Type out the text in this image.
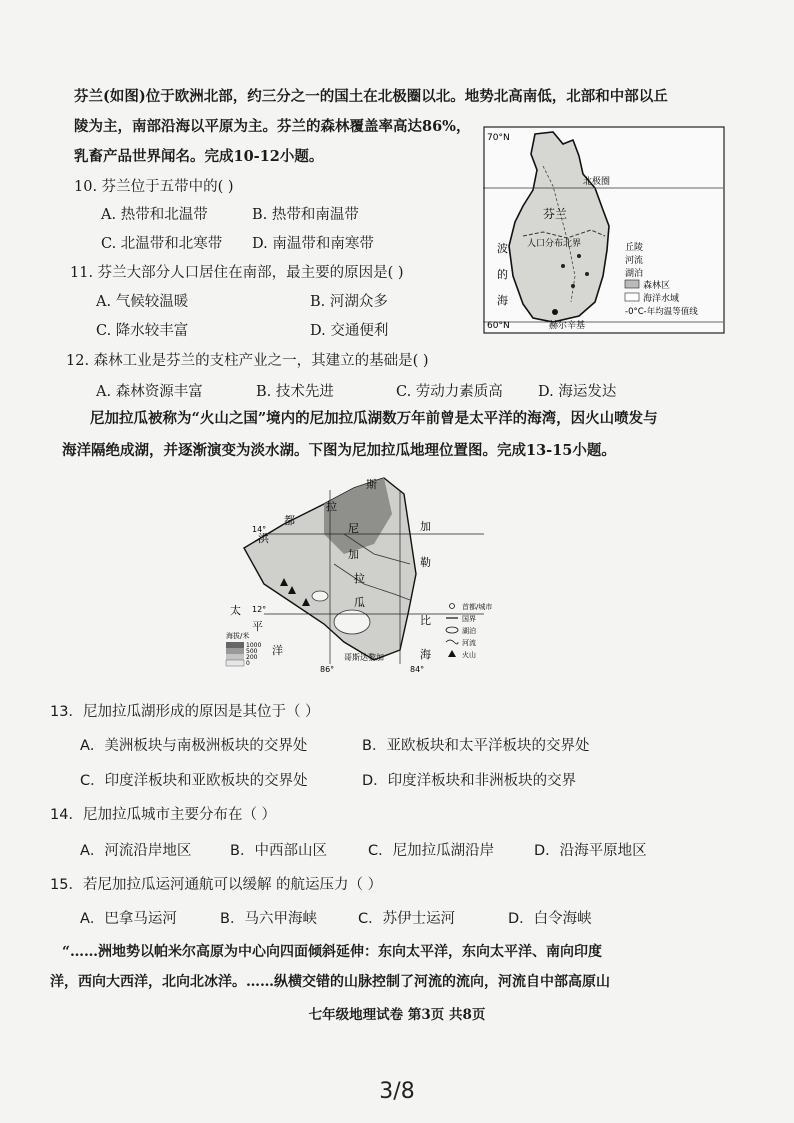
芬兰(如图)位于欧洲北部，约三分之一的国土在北极圈以北。地势北高南低，北部和中部以丘
陵为主，南部沿海以平原为主。芬兰的森林覆盖率高达86%，
乳畜产品世界闻名。完成10-12小题。
10. 芬兰位于五带中的( )
A. 热带和北温带	B. 热带和南温带
C. 北温带和北寒带 D. 南温带和南寒带
11. 芬兰大部分人口居住在南部，最主要的原因是( )
A. 气候较温暖	B. 河湖众多
C. 降水较丰富	D. 交通便利
70°N
60°N
北极圈
芬兰
人口分布北界
波
的
海
赫尔辛基
丘陵
河流
湖泊
森林区
海洋水域
-0°C-年均温等值线
12. 森林工业是芬兰的支柱产业之一，其建立的基础是( )
A. 森林资源丰富	B. 技术先进	C. 劳动力素质高 D. 海运发达
尼加拉瓜被称为“火山之国”境内的尼加拉瓜湖数万年前曾是太平洋的海湾，因火山喷发与
海洋隔绝成湖，并逐渐演变为淡水湖。下图为尼加拉瓜地理位置图。完成13-15小题。
14°
12°
86°	84°
洪
都
拉
斯
尼
加
拉
瓜
加
勒
比
海
太
平
洋
哥斯达黎加
海拔/米
1000
500
200
0
首都/城市
国界
湖泊
河流
火山
13．尼加拉瓜湖形成的原因是其位于（ ）
A．美洲板块与南极洲板块的交界处	B．亚欧板块和太平洋板块的交界处
C．印度洋板块和亚欧板块的交界处	D．印度洋板块和非洲板块的交界
14．尼加拉瓜城市主要分布在（ ）
A．河流沿岸地区	B．中西部山区	C．尼加拉瓜湖沿岸	D．沿海平原地区
15．若尼加拉瓜运河通航可以缓解 的航运压力（ ）
A．巴拿马运河	B．马六甲海峡	C．苏伊士运河	D．白令海峡
“……洲地势以帕米尔高原为中心向四面倾斜延伸：东向太平洋，东向太平洋、南向印度
洋，西向大西洋，北向北冰洋。……纵横交错的山脉控制了河流的流向，河流自中部高原山
七年级地理试卷 第3页 共8页
3/8
